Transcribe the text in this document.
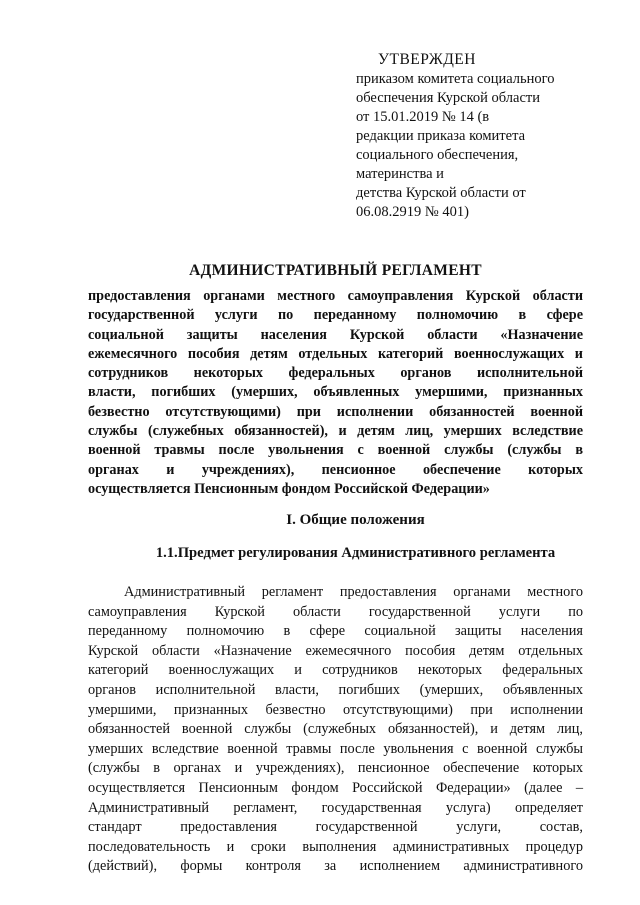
УТВЕРЖДЕН
приказом комитета социального
обеспечения Курской области
от 15.01.2019 № 14 (в
редакции приказа комитета
социального обеспечения,
материнства и
детства Курской области от
06.08.2919 № 401)
АДМИНИСТРАТИВНЫЙ РЕГЛАМЕНТ
предоставления органами местного самоуправления Курской области
государственной услуги по переданному полномочию в сфере
социальной защиты населения Курской области «Назначение
ежемесячного пособия детям отдельных категорий военнослужащих и
сотрудников некоторых федеральных органов исполнительной
власти, погибших (умерших, объявленных умершими, признанных
безвестно отсутствующими) при исполнении обязанностей военной
службы (служебных обязанностей), и детям лиц, умерших вследствие
военной травмы после увольнения с военной службы (службы в
органах и учреждениях), пенсионное обеспечение которых
осуществляется Пенсионным фондом Российской Федерации»
I. Общие положения
1.1.Предмет регулирования Административного регламента
Административный регламент предоставления органами местного
самоуправления Курской области государственной услуги по
переданному полномочию в сфере социальной защиты населения
Курской области «Назначение ежемесячного пособия детям отдельных
категорий военнослужащих и сотрудников некоторых федеральных
органов исполнительной власти, погибших (умерших, объявленных
умершими, признанных безвестно отсутствующими) при исполнении
обязанностей военной службы (служебных обязанностей), и детям лиц,
умерших вследствие военной травмы после увольнения с военной службы
(службы в органах и учреждениях), пенсионное обеспечение которых
осуществляется Пенсионным фондом Российской Федерации» (далее –
Административный регламент, государственная услуга) определяет
стандарт предоставления государственной услуги, состав,
последовательность и сроки выполнения административных процедур
(действий), формы контроля за исполнением административного
